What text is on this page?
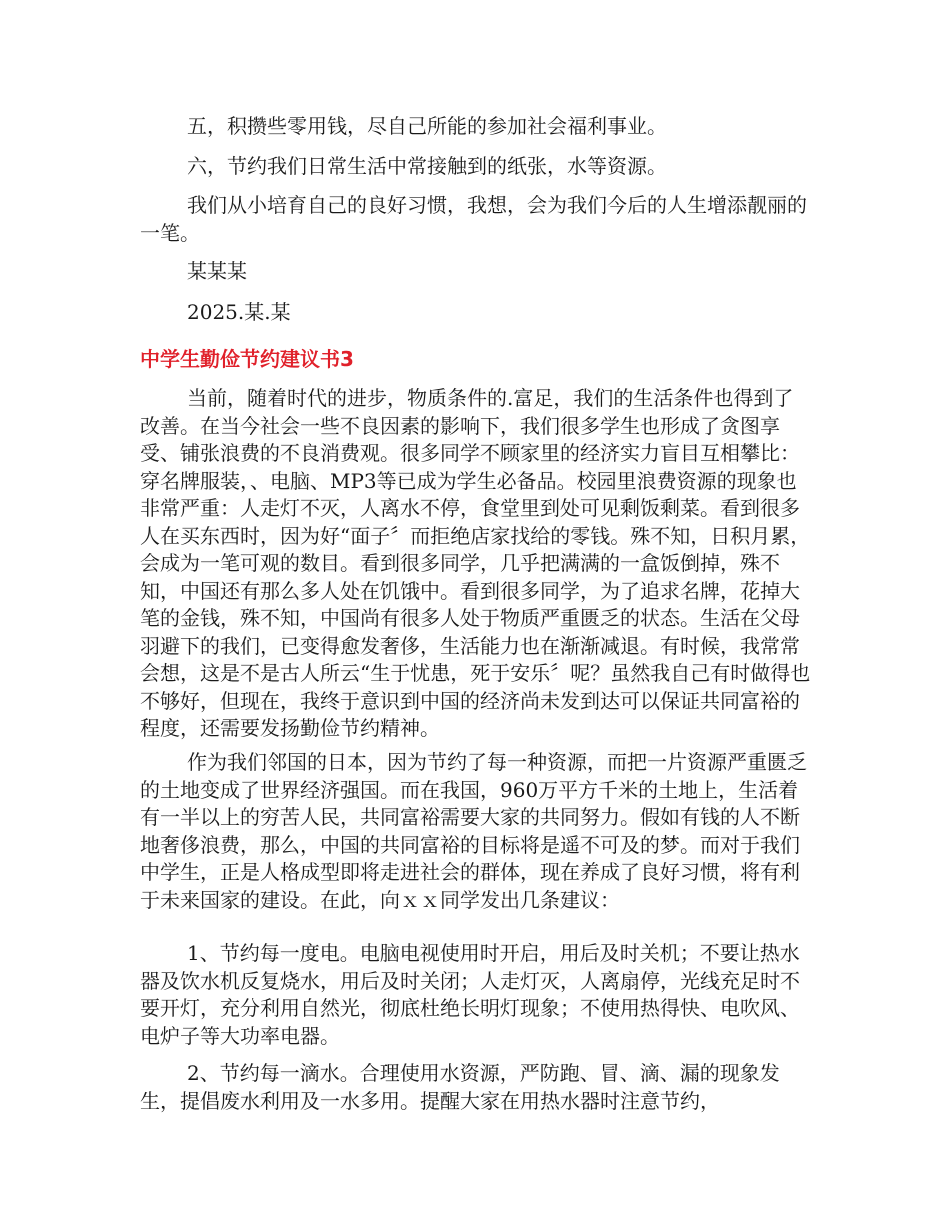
五，积攒些零用钱，尽自己所能的参加社会福利事业。

六，节约我们日常生活中常接触到的纸张，水等资源。

我们从小培育自己的良好习惯，我想，会为我们今后的人生增添靓丽的一笔。

某某某

2025.某.某

中学生勤俭节约建议书3

当前，随着时代的进步，物质条件的.富足，我们的生活条件也得到了改善。在当今社会一些不良因素的影响下，我们很多学生也形成了贪图享受、铺张浪费的不良消费观。很多同学不顾家里的经济实力盲目互相攀比：穿名牌服装，、电脑、MP3等已成为学生必备品。校园里浪费资源的现象也非常严重：人走灯不灭，人离水不停，食堂里到处可见剩饭剩菜。看到很多人在买东西时，因为好“面子〞而拒绝店家找给的零钱。殊不知，日积月累，会成为一笔可观的数目。看到很多同学，几乎把满满的一盒饭倒掉，殊不知，中国还有那么多人处在饥饿中。看到很多同学，为了追求名牌，花掉大笔的金钱，殊不知，中国尚有很多人处于物质严重匮乏的状态。生活在父母羽避下的我们，已变得愈发奢侈，生活能力也在渐渐减退。有时候，我常常会想，这是不是古人所云“生于忧患，死于安乐〞呢？虽然我自己有时做得也不够好，但现在，我终于意识到中国的经济尚未发到达可以保证共同富裕的程度，还需要发扬勤俭节约精神。

作为我们邻国的日本，因为节约了每一种资源，而把一片资源严重匮乏的土地变成了世界经济强国。而在我国，960万平方千米的土地上，生活着有一半以上的穷苦人民，共同富裕需要大家的共同努力。假如有钱的人不断地奢侈浪费，那么，中国的共同富裕的目标将是遥不可及的梦。而对于我们中学生，正是人格成型即将走进社会的群体，现在养成了良好习惯，将有利于未来国家的建设。在此，向ｘｘ同学发出几条建议：

1、节约每一度电。电脑电视使用时开启，用后及时关机；不要让热水器及饮水机反复烧水，用后及时关闭；人走灯灭，人离扇停，光线充足时不要开灯，充分利用自然光，彻底杜绝长明灯现象；不使用热得快、电吹风、电炉子等大功率电器。

2、节约每一滴水。合理使用水资源，严防跑、冒、滴、漏的现象发生，提倡废水利用及一水多用。提醒大家在用热水器时注意节约，
